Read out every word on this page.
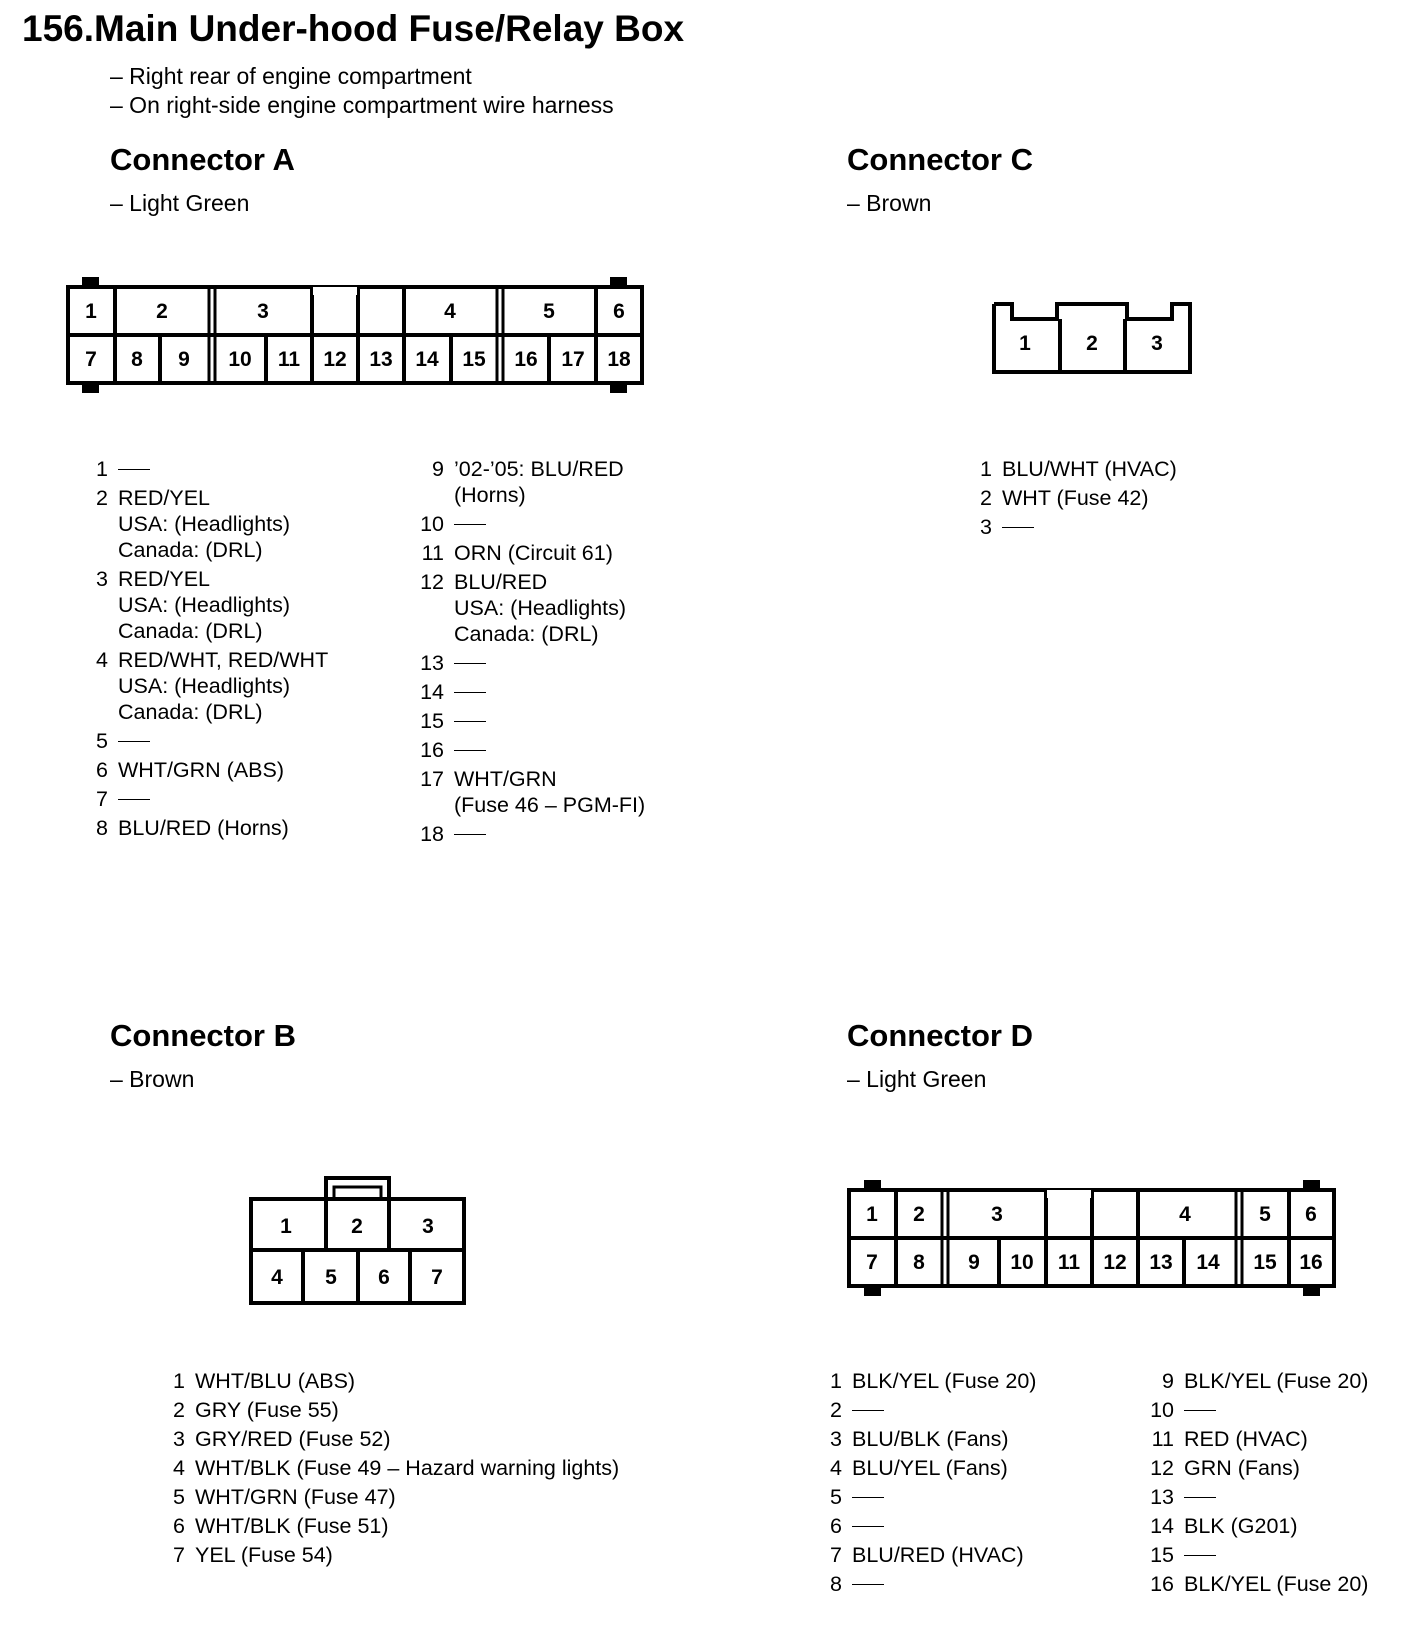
156.Main Under-hood Fuse/Relay Box
– Right rear of engine compartment
– On right-side engine compartment wire harness
Connector A
– Light Green
1	2	3	4	5	6
7 8 9 10 11 12 13 14 15 16 17 18
1	2	3
1	2	3
4 5 6 7
1 2	3	4	5 6
7 8 9 10 11 12 13 14 15 16
1
2 RED/YEL
USA: (Headlights)
Canada: (DRL)
3 RED/YEL
USA: (Headlights)
Canada: (DRL)
4 RED/WHT, RED/WHT
USA: (Headlights)
Canada: (DRL)
5
6 WHT/GRN (ABS)
7
8 BLU/RED (Horns)
9 ’02-’05: BLU/RED
(Horns)
10
11 ORN (Circuit 61)
12 BLU/RED
USA: (Headlights)
Canada: (DRL)
13
14
15
16
17 WHT/GRN
(Fuse 46 – PGM-FI)
18
Connector C
– Brown
1 BLU/WHT (HVAC)
2 WHT (Fuse 42)
3
Connector B
– Brown
1 WHT/BLU (ABS)
2 GRY (Fuse 55)
3 GRY/RED (Fuse 52)
4 WHT/BLK (Fuse 49 – Hazard warning lights)
5 WHT/GRN (Fuse 47)
6 WHT/BLK (Fuse 51)
7 YEL (Fuse 54)
Connector D
– Light Green
1 BLK/YEL (Fuse 20)
2
3 BLU/BLK (Fans)
4 BLU/YEL (Fans)
5
6
7 BLU/RED (HVAC)
8
9 BLK/YEL (Fuse 20)
10
11 RED (HVAC)
12 GRN (Fans)
13
14 BLK (G201)
15
16 BLK/YEL (Fuse 20)
